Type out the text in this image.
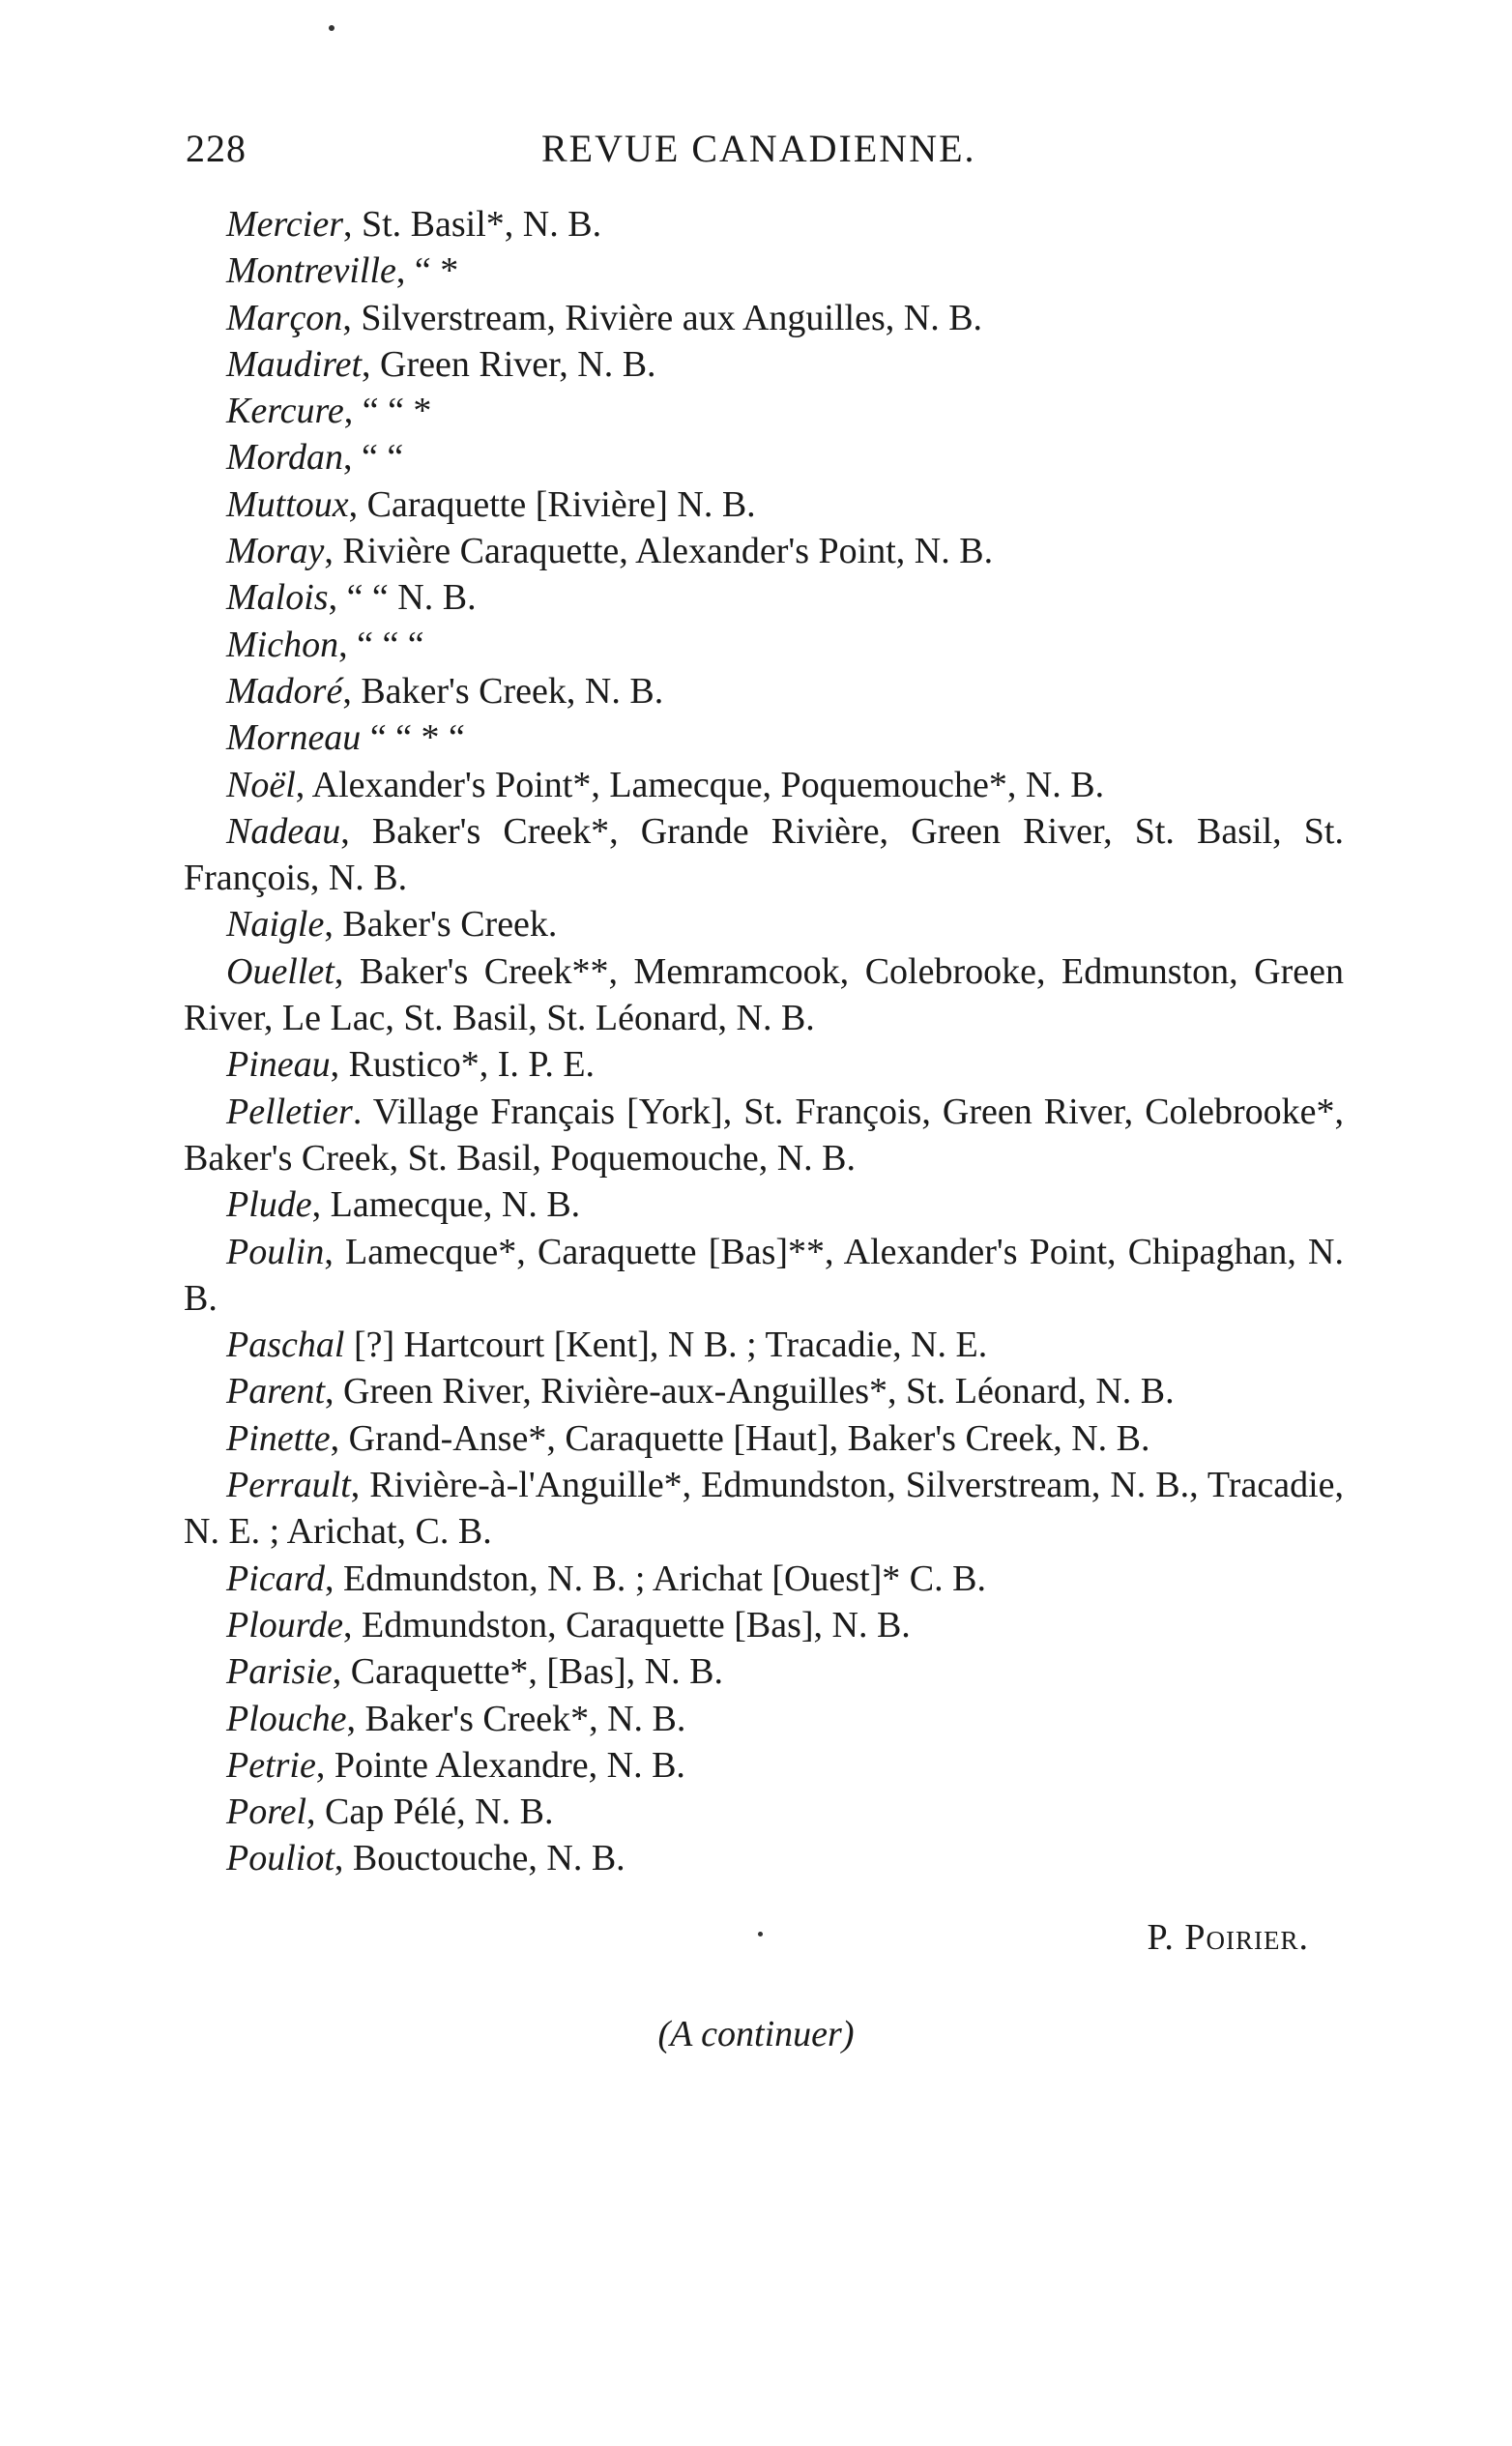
228	REVUE CANADIENNE.
Mercier, St. Basil*, N. B.
Montreville, “ *
Marçon, Silverstream, Rivière aux Anguilles, N. B.
Maudiret, Green River, N. B.
Kercure, “ “ *
Mordan, “ “
Muttoux, Caraquette [Rivière] N. B.
Moray, Rivière Caraquette, Alexander's Point, N. B.
Malois, “ “ N. B.
Michon, “ “ “
Madoré, Baker's Creek, N. B.
Morneau “ “ * “
Noël, Alexander's Point*, Lamecque, Poquemouche*, N. B.
Nadeau, Baker's Creek*, Grande Rivière, Green River, St. Basil, St. François, N. B.
Naigle, Baker's Creek.
Ouellet, Baker's Creek**, Memramcook, Colebrooke, Edmunston, Green River, Le Lac, St. Basil, St. Léonard, N. B.
Pineau, Rustico*, I. P. E.
Pelletier. Village Français [York], St. François, Green River, Colebrooke*, Baker's Creek, St. Basil, Poquemouche, N. B.
Plude, Lamecque, N. B.
Poulin, Lamecque*, Caraquette [Bas]**, Alexander's Point, Chipaghan, N. B.
Paschal [?] Hartcourt [Kent], N B. ; Tracadie, N. E.
Parent, Green River, Rivière-aux-Anguilles*, St. Léonard, N. B.
Pinette, Grand-Anse*, Caraquette [Haut], Baker's Creek, N. B.
Perrault, Rivière-à-l'Anguille*, Edmundston, Silverstream, N. B., Tracadie, N. E. ; Arichat, C. B.
Picard, Edmundston, N. B. ; Arichat [Ouest]* C. B.
Plourde, Edmundston, Caraquette [Bas], N. B.
Parisie, Caraquette*, [Bas], N. B.
Plouche, Baker's Creek*, N. B.
Petrie, Pointe Alexandre, N. B.
Porel, Cap Pélé, N. B.
Pouliot, Bouctouche, N. B.
P. Poirier.
(A continuer)
